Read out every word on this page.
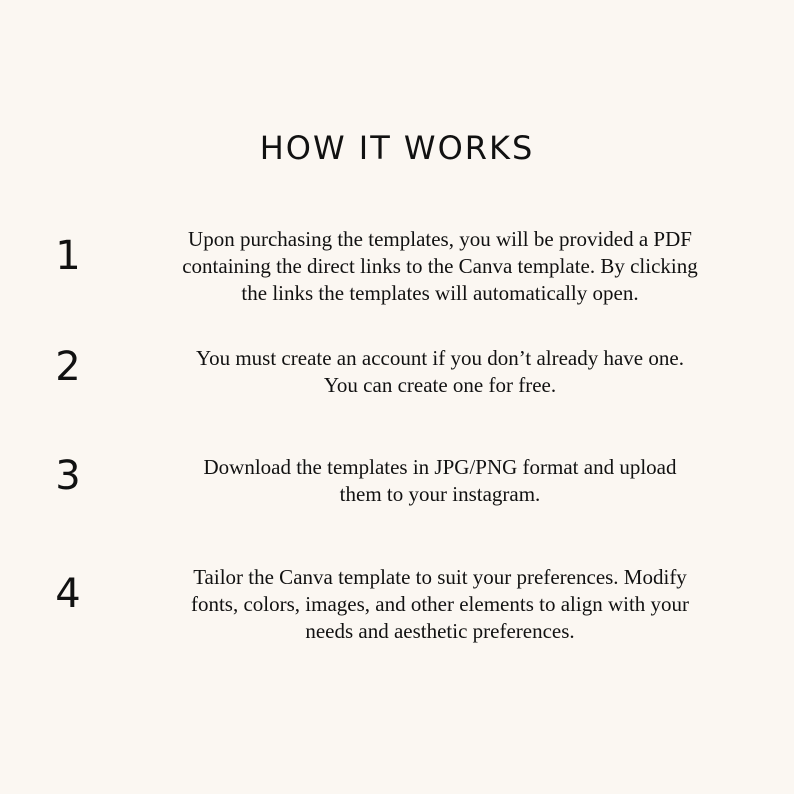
HOW IT WORKS
1	Upon purchasing the templates, you will be provided a PDF
containing the direct links to the Canva template. By clicking
the links the templates will automatically open.

2	You must create an account if you don’t already have one.
You can create one for free.

3	Download the templates in JPG/PNG format and upload
them to your instagram.

4	Tailor the Canva template to suit your preferences. Modify
fonts, colors, images, and other elements to align with your
needs and aesthetic preferences.
